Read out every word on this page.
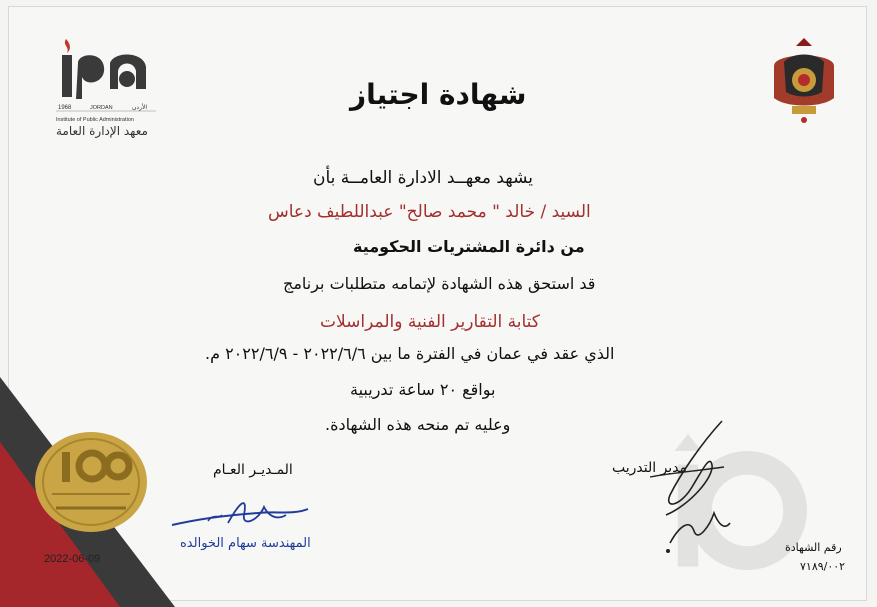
1968	JORDAN	الأردن
Institute of Public Administration
معهد الإدارة العامة
شهادة اجتياز
يشهد معهــد الادارة العامــة بأن
السيد / خالد " محمد صالح" عبداللطيف دعاس
من دائرة المشتريات الحكومية
قد استحق هذه الشهادة لإتمامه متطلبات برنامج
كتابة التقارير الفنية والمراسلات
الذي عقد في عمان في الفترة ما بين ٢٠٢٢/٦/٦ - ٢٠٢٢/٦/٩ م.
بواقع ٢٠ ساعة تدريبية
وعليه تم منحه هذه الشهادة.
المـديـر العـام	مدير التدريب
المهندسة سهام الخوالده	رقم الشهادة
٧١٨٩/٠٠٢
2022-06-09
